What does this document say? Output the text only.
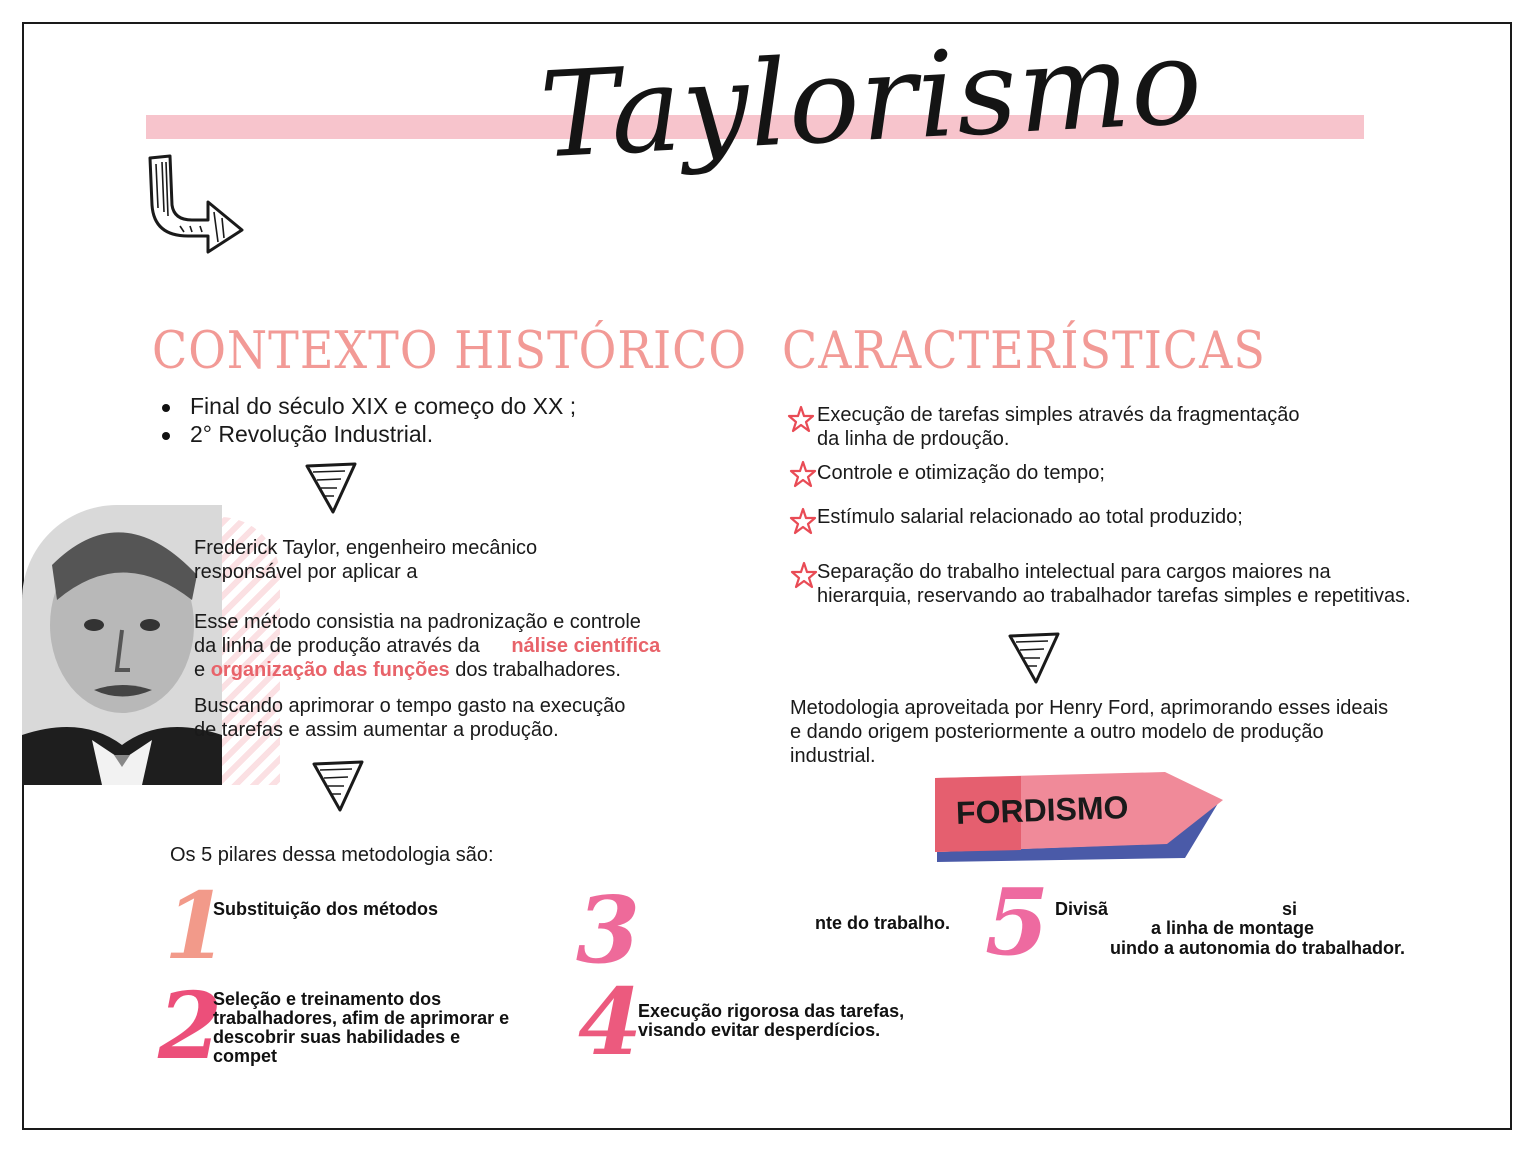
Taylorismo
CONTEXTO HISTÓRICO
Final do século XIX e começo do XX ;
2° Revolução Industrial.
Frederick Taylor, engenheiro mecânico
responsável por aplicar a
Esse método consistia na padronização e controle
da linha de produção através da nálise científica
e organização das funções dos trabalhadores.
Buscando aprimorar o tempo gasto na execução
de tarefas e assim aumentar a produção.
Os 5 pilares dessa metodologia são:
1
Substituição dos métodos
2
Seleção e treinamento dos
trabalhadores, afim de aprimorar e
descobrir suas habilidades e
compet
3	nte do trabalho.
4
Execução rigorosa das tarefas,
visando evitar desperdícios.
5 Divisã	si
a linha de montage
uindo a autonomia do trabalhador.
CARACTERÍSTICAS
Execução de tarefas simples através da fragmentação
da linha de prdoução.
Controle e otimização do tempo;
Estímulo salarial relacionado ao total produzido;
Separação do trabalho intelectual para cargos maiores na
hierarquia, reservando ao trabalhador tarefas simples e repetitivas.
Metodologia aproveitada por Henry Ford, aprimorando esses ideais
e dando origem posteriormente a outro modelo de produção
industrial.
FORDISMO
